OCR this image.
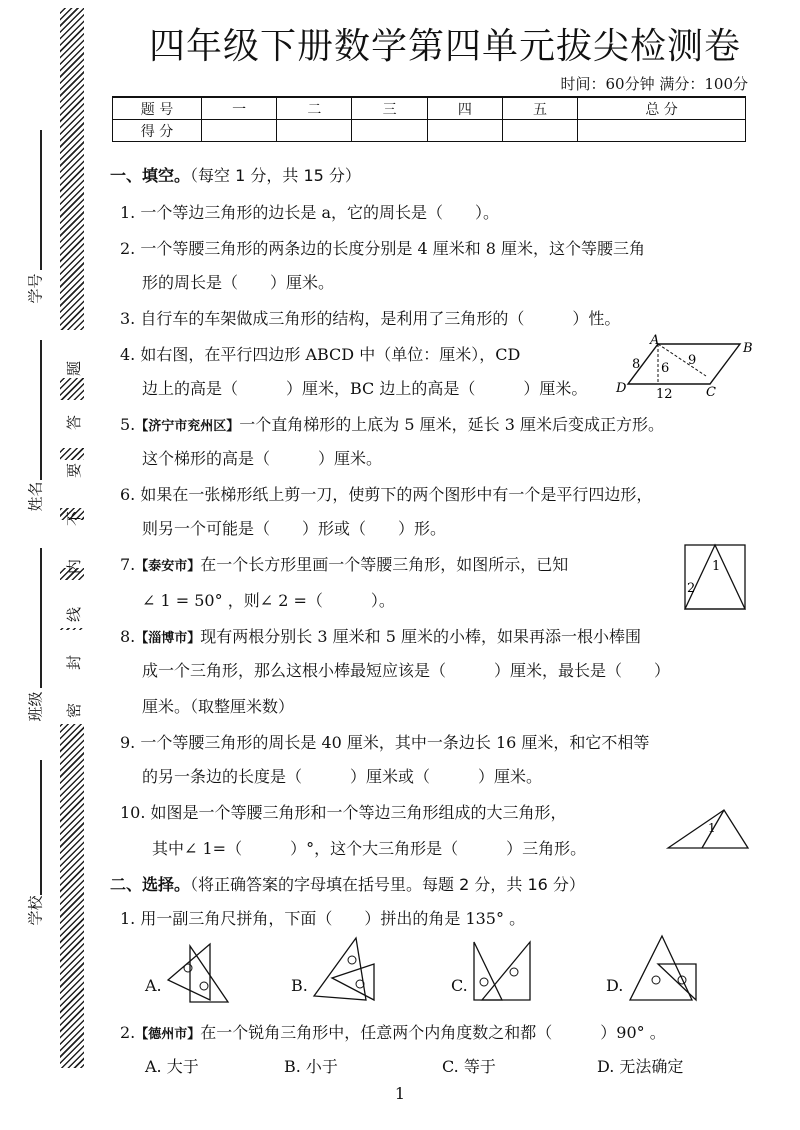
题
答
要
不
内
线
封
密
学号
姓名
班级
学校
四年级下册数学第四单元拔尖检测卷
时间：60分钟 满分：100分
题 号	一	二	三	四	五	总 分
得 分						
一、填空。（每空 1 分，共 15 分）
1. 一个等边三角形的边长是 a，它的周长是（　　）。
2. 一个等腰三角形的两条边的长度分别是 4 厘米和 8 厘米，这个等腰三角
形的周长是（　　）厘米。
3. 自行车的车架做成三角形的结构，是利用了三角形的（　　　）性。
4. 如右图，在平行四边形 ABCD 中（单位：厘米），CD
边上的高是（　　　）厘米，BC 边上的高是（　　　）厘米。
A
B
C
D
8	9
6
12
5.【济宁市兖州区】一个直角梯形的上底为 5 厘米，延长 3 厘米后变成正方形。
这个梯形的高是（　　　）厘米。
6. 如果在一张梯形纸上剪一刀，使剪下的两个图形中有一个是平行四边形，
则另一个可能是（　　）形或（　　）形。
7.【泰安市】在一个长方形里画一个等腰三角形，如图所示，已知
∠ 1 = 50° ，则∠ 2 =（　　　）。
1
2
8.【淄博市】现有两根分别长 3 厘米和 5 厘米的小棒，如果再添一根小棒围
成一个三角形，那么这根小棒最短应该是（　　　）厘米，最长是（　　）
厘米。（取整厘米数）
9. 一个等腰三角形的周长是 40 厘米，其中一条边长 16 厘米，和它不相等
的另一条边的长度是（　　　）厘米或（　　　）厘米。
10. 如图是一个等腰三角形和一个等边三角形组成的大三角形，
其中∠ 1=（　　　）°，这个大三角形是（　　　）三角形。
1
二、选择。（将正确答案的字母填在括号里。每题 2 分，共 16 分）
1. 用一副三角尺拼角，下面（　　）拼出的角是 135° 。
A.	B.	C.	D.
2.【德州市】在一个锐角三角形中，任意两个内角度数之和都（　　　）90° 。
A. 大于	B. 小于	C. 等于	D. 无法确定
1
